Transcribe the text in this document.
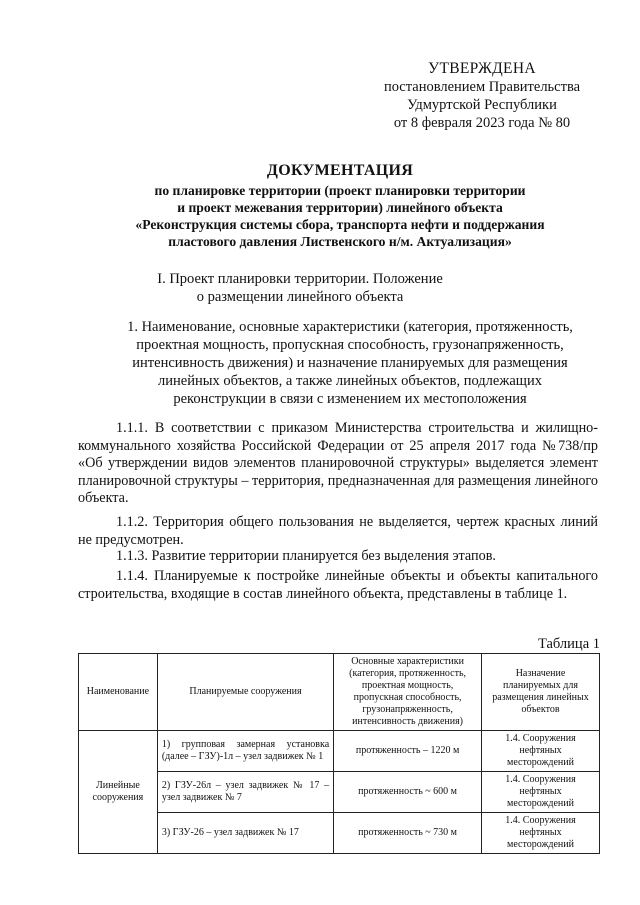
УТВЕРЖДЕНА
постановлением Правительства
Удмуртской Республики
от 8 февраля 2023 года № 80
ДОКУМЕНТАЦИЯ
по планировке территории (проект планировки территории
и проект межевания территории) линейного объекта
«Реконструкция системы сбора, транспорта нефти и поддержания
пластового давления Лиственского н/м. Актуализация»
I. Проект планировки территории. Положение
о размещении линейного объекта
1. Наименование, основные характеристики (категория, протяженность,
проектная мощность, пропускная способность, грузонапряженность,
интенсивность движения) и назначение планируемых для размещения
линейных объектов, а также линейных объектов, подлежащих
реконструкции в связи с изменением их местоположения
1.1.1. В соответствии с приказом Министерства строительства и жилищно-коммунального хозяйства Российской Федерации от 25 апреля 2017 года №738/пр «Об утверждении видов элементов планировочной структуры» выделяется элемент планировочной структуры – территория, предназначенная для размещения линейного объекта.
1.1.2. Территория общего пользования не выделяется, чертеж красных линий не предусмотрен.
1.1.3. Развитие территории планируется без выделения этапов.
1.1.4. Планируемые к постройке линейные объекты и объекты капитального строительства, входящие в состав линейного объекта, представлены в таблице 1.
Таблица 1
Наименование	Планируемые сооружения	Основные характеристики (категория, протяженность, проектная мощность, пропускная способность, грузонапряженность, интенсивность движения)	Назначение планируемых для размещения линейных объектов
Линейные сооружения	1) групповая замерная установка (далее – ГЗУ)-1л – узел задвижек № 1	протяженность – 1220 м	1.4. Сооружения нефтяных месторождений
	2) ГЗУ-26л – узел задвижек № 17 – узел задвижек № 7	протяженность ~ 600 м	1.4. Сооружения нефтяных месторождений
	3) ГЗУ-26 – узел задвижек № 17	протяженность ~ 730 м	1.4. Сооружения нефтяных месторождений
